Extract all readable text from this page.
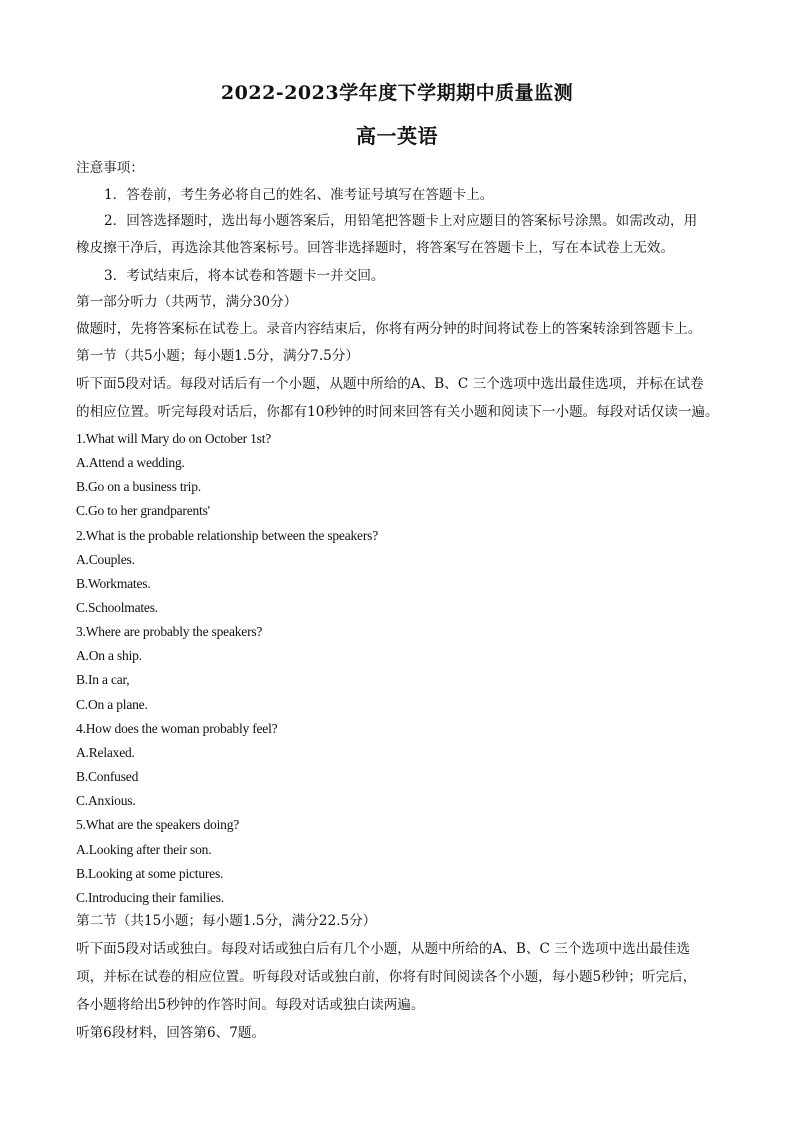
2022-2023学年度下学期期中质量监测
高一英语
注意事项：
1．答卷前，考生务必将自己的姓名、准考证号填写在答题卡上。
2．回答选择题时，选出每小题答案后，用铅笔把答题卡上对应题目的答案标号涂黑。如需改动，用
橡皮擦干净后，再选涂其他答案标号。回答非选择题时，将答案写在答题卡上，写在本试卷上无效。
3．考试结束后，将本试卷和答题卡一并交回。
第一部分听力（共两节，满分30分）
做题时，先将答案标在试卷上。录音内容结束后，你将有两分钟的时间将试卷上的答案转涂到答题卡上。
第一节（共5小题；每小题1.5分，满分7.5分）
听下面5段对话。每段对话后有一个小题，从题中所给的A、B、C 三个选项中选出最佳选项，并标在试卷
的相应位置。听完每段对话后，你都有10秒钟的时间来回答有关小题和阅读下一小题。每段对话仅读一遍。
1.What will Mary do on October 1st?
A.Attend a wedding.
B.Go on a business trip.
C.Go to her grandparents'
2.What is the probable relationship between the speakers?
A.Couples.
B.Workmates.
C.Schoolmates.
3.Where are probably the speakers?
A.On a ship.
B.In a car,
C.On a plane.
4.How does the woman probably feel?
A.Relaxed.
B.Confused
C.Anxious.
5.What are the speakers doing?
A.Looking after their son.
B.Looking at some pictures.
C.Introducing their families.
第二节（共15小题；每小题1.5分，满分22.5分）
听下面5段对话或独白。每段对话或独白后有几个小题，从题中所给的A、B、C 三个选项中选出最佳选
项，并标在试卷的相应位置。听每段对话或独白前，你将有时间阅读各个小题，每小题5秒钟；听完后，
各小题将给出5秒钟的作答时间。每段对话或独白读两遍。
听第6段材料，回答第6、7题。
